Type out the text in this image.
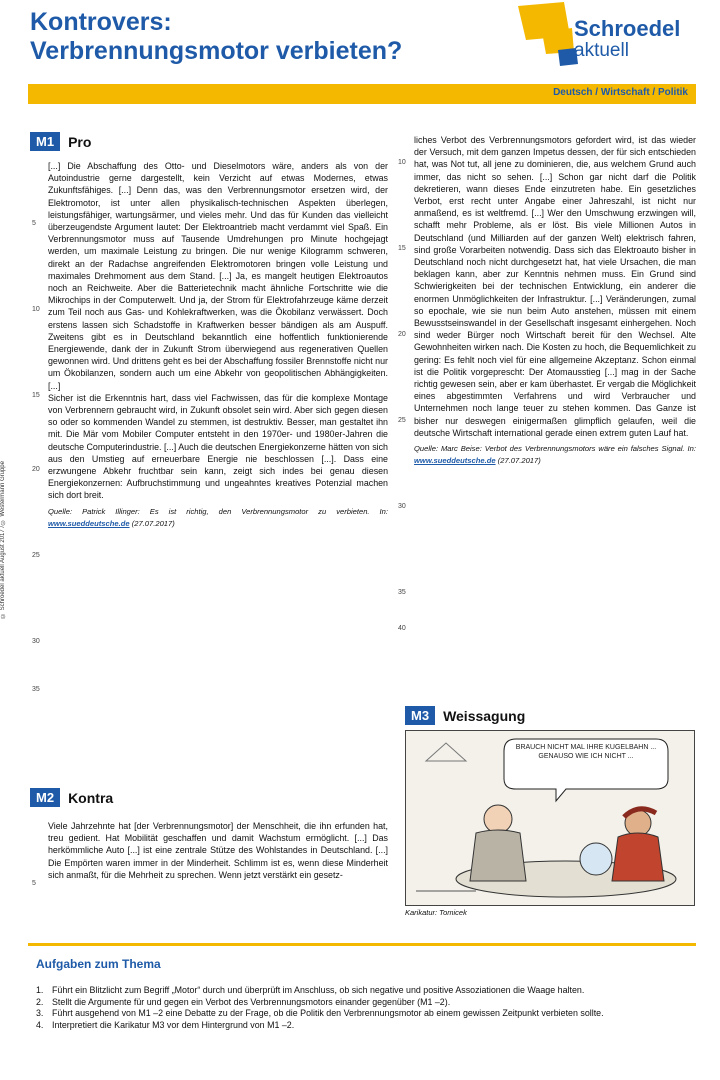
Kontrovers:
Verbrennungsmotor verbieten?
Schroedel
aktuell
Deutsch / Wirtschaft / Politik
© Schroedel aktuell August 2017 / © Westermann Gruppe
M1	Pro
5
10
15
20
25
30
35

[...] Die Abschaffung des Otto- und Dieselmotors wäre, anders als von der Autoindustrie gerne dargestellt, kein Verzicht auf etwas Modernes, etwas Zukunftsfähiges. [...] Denn das, was den Verbrennungsmotor ersetzen wird, der Elektromotor, ist unter allen physikalisch-technischen Aspekten überlegen, leistungsfähiger, wartungsärmer, und vieles mehr. Und das für Kunden das vielleicht überzeugendste Argument lautet: Der Elektroantrieb macht verdammt viel Spaß. Ein Verbrennungsmotor muss auf Tausende Umdrehungen pro Minute hochgejagt werden, um maximale Leistung zu bringen. Die nur wenige Kilogramm schweren, direkt an der Radachse angreifenden Elektromotoren bringen volle Leistung und maximales Drehmoment aus dem Stand. [...] Ja, es mangelt heutigen Elektroautos noch an Reichweite. Aber die Batterietechnik macht ähnliche Fortschritte wie die Mikrochips in der Computerwelt. Und ja, der Strom für Elektrofahrzeuge käme derzeit zum Teil noch aus Gas- und Kohlekraftwerken, was die Ökobilanz verwässert. Doch erstens lassen sich Schadstoffe in Kraftwerken besser bändigen als am Auspuff. Zweitens gibt es in Deutschland bekanntlich eine hoffentlich funktionierende Energiewende, dank der in Zukunft Strom überwiegend aus regenerativen Quellen gewonnen wird. Und drittens geht es bei der Abschaffung fossiler Brennstoffe nicht nur um Ökobilanzen, sondern auch um eine Abkehr von geopolitischen Abhängigkeiten. [...]

Sicher ist die Erkenntnis hart, dass viel Fachwissen, das für die komplexe Montage von Verbrennern gebraucht wird, in Zukunft obsolet sein wird. Aber sich gegen diesen so oder so kommenden Wandel zu stemmen, ist destruktiv. Besser, man gestaltet ihn mit. Die Mär vom Mobiler Computer entsteht in den 1970er- und 1980er-Jahren die deutsche Computerindustrie. [...] Auch die deutschen Energiekonzerne hätten von sich aus den Umstieg auf erneuerbare Energie nie beschlossen [...]. Dass eine erzwungene Abkehr fruchtbar sein kann, zeigt sich indes bei genau diesen Energiekonzernen: Aufbruchstimmung und ungeahntes kreatives Potenzial machen sich dort breit.

Quelle: Patrick Illinger: Es ist richtig, den Verbrennungsmotor zu verbieten. In: www.sueddeutsche.de (27.07.2017)

M2	Kontra
5

Viele Jahrzehnte hat [der Verbrennungsmotor] der Menschheit, die ihn erfunden hat, treu gedient. Hat Mobilität geschaffen und damit Wachstum ermöglicht. [...] Das herkömmliche Auto [...] ist eine zentrale Stütze des Wohlstandes in Deutschland. [...] Die Empörten waren immer in der Minderheit. Schlimm ist es, wenn diese Minderheit sich anmaßt, für die Mehrheit zu sprechen. Wenn jetzt verstärkt ein gesetz-

10
15
20
25
30
35
40

liches Verbot des Verbrennungsmotors gefordert wird, ist das wieder der Versuch, mit dem ganzen Impetus dessen, der für sich entschieden hat, was Not tut, all jene zu dominieren, die, aus welchem Grund auch immer, das nicht so sehen. [...] Schon gar nicht darf die Politik dekretieren, wann dieses Ende einzutreten habe. Ein gesetzliches Verbot, erst recht unter Angabe einer Jahreszahl, ist nicht nur anmaßend, es ist weltfremd. [...] Wer den Umschwung erzwingen will, schafft mehr Probleme, als er löst. Bis viele Millionen Autos in Deutschland (und Milliarden auf der ganzen Welt) elektrisch fahren, sind große Vorarbeiten notwendig. Dass sich das Elektroauto bisher in Deutschland noch nicht durchgesetzt hat, hat viele Ursachen, die man beklagen kann, aber zur Kenntnis nehmen muss. Ein Grund sind Schwierigkeiten bei der technischen Entwicklung, ein anderer die enormen Unmöglichkeiten der Infrastruktur. [...] Veränderungen, zumal so epochale, wie sie nun beim Auto anstehen, müssen mit einem Bewusstseinswandel in der Gesellschaft insgesamt einhergehen. Noch sind weder Bürger noch Wirtschaft bereit für den Wechsel. Alte Gewohnheiten wirken nach. Die Kosten zu hoch, die Bequemlichkeit zu gering: Es fehlt noch viel für eine allgemeine Akzeptanz. Schon einmal ist die Politik vorgeprescht: Der Atomausstieg [...] mag in der Sache richtig gewesen sein, aber er kam überhastet. Er vergab die Möglichkeit eines abgestimmten Verfahrens und wird Verbraucher und Unternehmen noch lange teuer zu stehen kommen. Das Ganze ist bisher nur deswegen einigermaßen glimpflich gelaufen, weil die deutsche Wirtschaft international gerade einen extrem guten Lauf hat.

Quelle: Marc Beise: Verbot des Verbrennungsmotors wäre ein falsches Signal. In: www.sueddeutsche.de (27.07.2017)

M3	Weissagung
BRAUCH NICHT MAL IHRE KUGELBAHN ... GENAUSO WIE ICH NICHT ...
Karikatur: Tomicek
Aufgaben zum Thema
1. Führt ein Blitzlicht zum Begriff „Motor“ durch und überprüft im Anschluss, ob sich negative und positive Assoziationen die Waage halten.
2. Stellt die Argumente für und gegen ein Verbot des Verbrennungsmotors einander gegenüber (M1 –2).
3. Führt ausgehend von M1 –2 eine Debatte zu der Frage, ob die Politik den Verbrennungsmotor ab einem gewissen Zeitpunkt verbieten sollte.
4. Interpretiert die Karikatur M3 vor dem Hintergrund von M1 –2.
